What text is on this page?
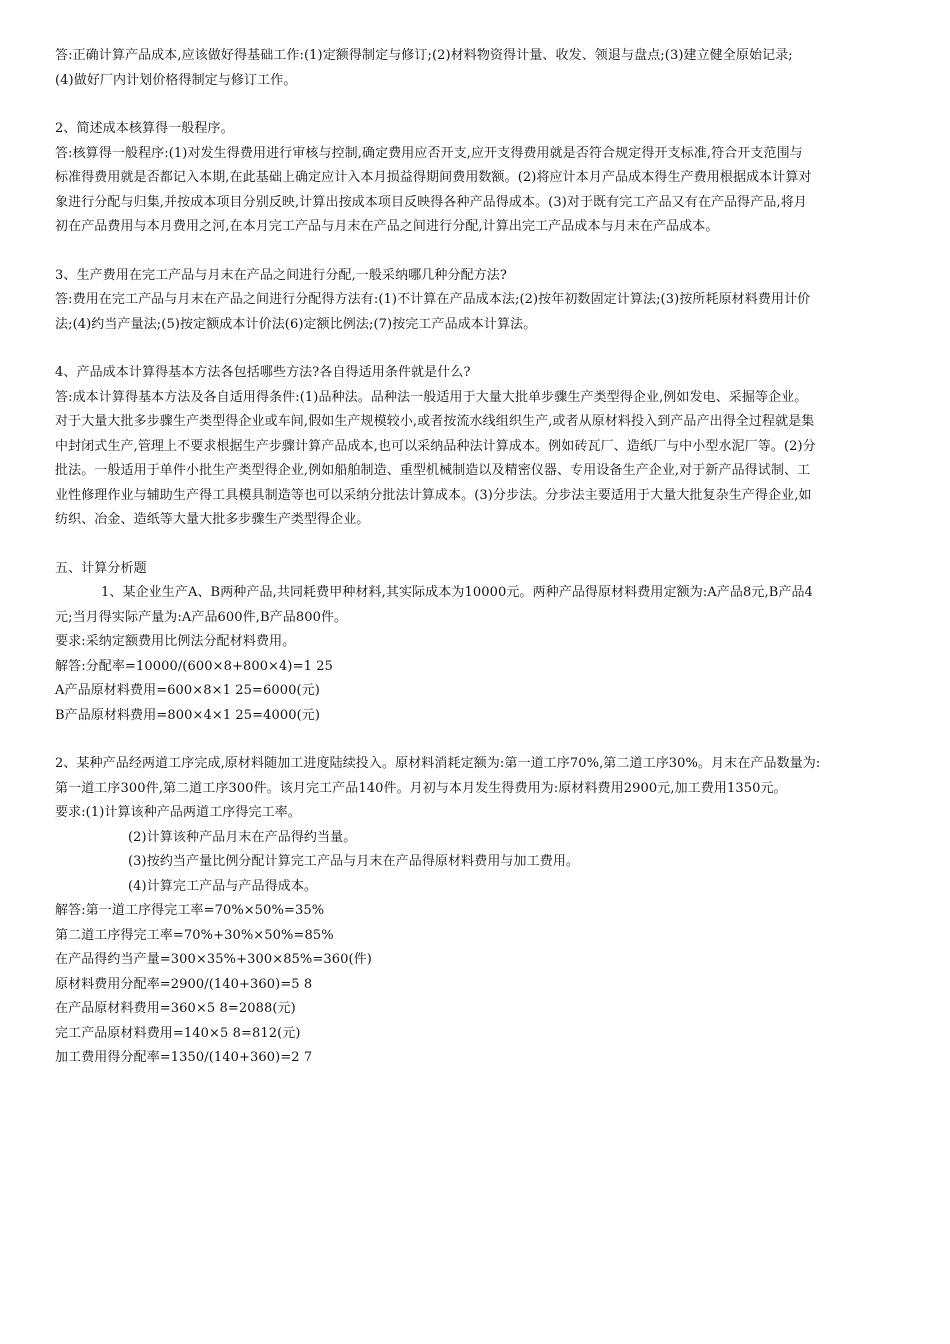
答:正确计算产品成本,应该做好得基础工作:(1)定额得制定与修订;(2)材料物资得计量、收发、领退与盘点;(3)建立健全原始记录;
(4)做好厂内计划价格得制定与修订工作。
2、简述成本核算得一般程序。
答:核算得一般程序:(1)对发生得费用进行审核与控制,确定费用应否开支,应开支得费用就是否符合规定得开支标准,符合开支范围与
标准得费用就是否都记入本期,在此基础上确定应计入本月损益得期间费用数额。(2)将应计本月产品成本得生产费用根据成本计算对
象进行分配与归集,并按成本项目分别反映,计算出按成本项目反映得各种产品得成本。(3)对于既有完工产品又有在产品得产品,将月
初在产品费用与本月费用之河,在本月完工产品与月末在产品之间进行分配,计算出完工产品成本与月末在产品成本。
3、生产费用在完工产品与月末在产品之间进行分配,一般采纳哪几种分配方法?
答:费用在完工产品与月末在产品之间进行分配得方法有:(1)不计算在产品成本法;(2)按年初数固定计算法;(3)按所耗原材料费用计价
法;(4)约当产量法;(5)按定额成本计价法(6)定额比例法;(7)按完工产品成本计算法。
4、产品成本计算得基本方法各包括哪些方法?各自得适用条件就是什么?
答:成本计算得基本方法及各自适用得条件:(1)品种法。品种法一般适用于大量大批单步骤生产类型得企业,例如发电、采掘等企业。
对于大量大批多步骤生产类型得企业或车间,假如生产规模较小,或者按流水线组织生产,或者从原材料投入到产品产出得全过程就是集
中封闭式生产,管理上不要求根据生产步骤计算产品成本,也可以采纳品种法计算成本。例如砖瓦厂、造纸厂与中小型水泥厂等。(2)分
批法。一般适用于单件小批生产类型得企业,例如船舶制造、重型机械制造以及精密仪器、专用设备生产企业,对于新产品得试制、工
业性修理作业与辅助生产得工具模具制造等也可以采纳分批法计算成本。(3)分步法。分步法主要适用于大量大批复杂生产得企业,如
纺织、冶金、造纸等大量大批多步骤生产类型得企业。
五、计算分析题
1、某企业生产A、B两种产品,共同耗费甲种材料,其实际成本为10000元。两种产品得原材料费用定额为:A产品8元,B产品4
元;当月得实际产量为:A产品600件,B产品800件。
要求:采纳定额费用比例法分配材料费用。
解答:分配率=10000/(600×8+800×4)=1 25
A产品原材料费用=600×8×1 25=6000(元)
B产品原材料费用=800×4×1 25=4000(元)
2、某种产品经两道工序完成,原材料随加工进度陆续投入。原材料消耗定额为:第一道工序70%,第二道工序30%。月末在产品数量为:
第一道工序300件,第二道工序300件。该月完工产品140件。月初与本月发生得费用为:原材料费用2900元,加工费用1350元。
要求:(1)计算该种产品两道工序得完工率。
(2)计算该种产品月末在产品得约当量。
(3)按约当产量比例分配计算完工产品与月末在产品得原材料费用与加工费用。
(4)计算完工产品与产品得成本。
解答:第一道工序得完工率=70%×50%=35%
第二道工序得完工率=70%+30%×50%=85%
在产品得约当产量=300×35%+300×85%=360(件)
原材料费用分配率=2900/(140+360)=5 8
在产品原材料费用=360×5 8=2088(元)
完工产品原材料费用=140×5 8=812(元)
加工费用得分配率=1350/(140+360)=2 7
